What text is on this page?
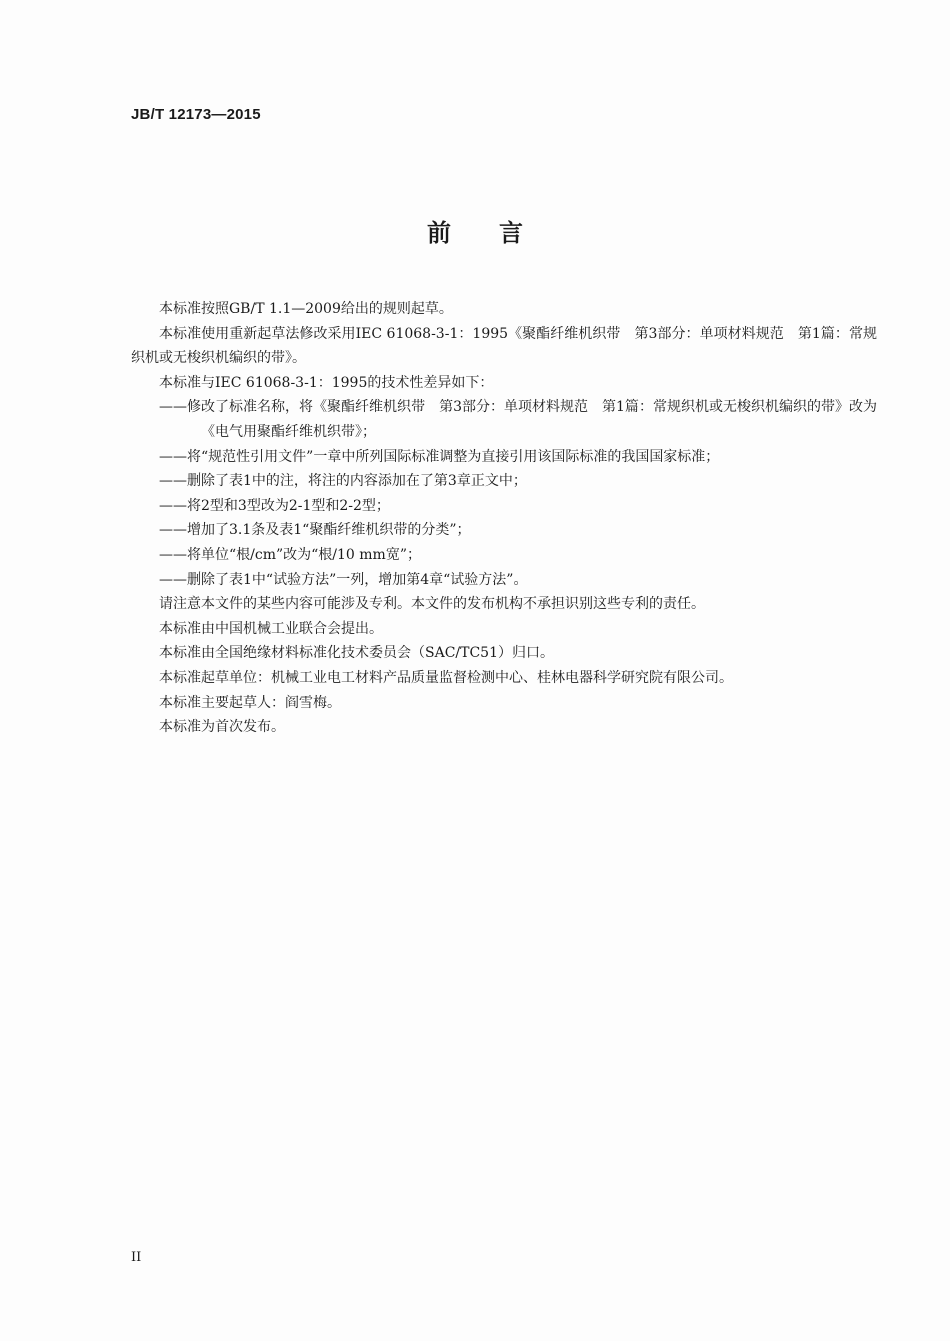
JB/T 12173—2015
前言

本标准按照GB/T 1.1—2009给出的规则起草。

本标准使用重新起草法修改采用IEC 61068-3-1：1995《聚酯纤维机织带　第3部分：单项材料规范　第1篇：常规织机或无梭织机编织的带》。

本标准与IEC 61068-3-1：1995的技术性差异如下：

——修改了标准名称，将《聚酯纤维机织带　第3部分：单项材料规范　第1篇：常规织机或无梭织机编织的带》改为《电气用聚酯纤维机织带》；

——将“规范性引用文件”一章中所列国际标准调整为直接引用该国际标准的我国国家标准；

——删除了表1中的注，将注的内容添加在了第3章正文中；

——将2型和3型改为2-1型和2-2型；

——增加了3.1条及表1“聚酯纤维机织带的分类”；

——将单位“根/cm”改为“根/10 mm宽”；

——删除了表1中“试验方法”一列，增加第4章“试验方法”。

请注意本文件的某些内容可能涉及专利。本文件的发布机构不承担识别这些专利的责任。

本标准由中国机械工业联合会提出。

本标准由全国绝缘材料标准化技术委员会（SAC/TC51）归口。

本标准起草单位：机械工业电工材料产品质量监督检测中心、桂林电器科学研究院有限公司。

本标准主要起草人：阎雪梅。

本标准为首次发布。

II
